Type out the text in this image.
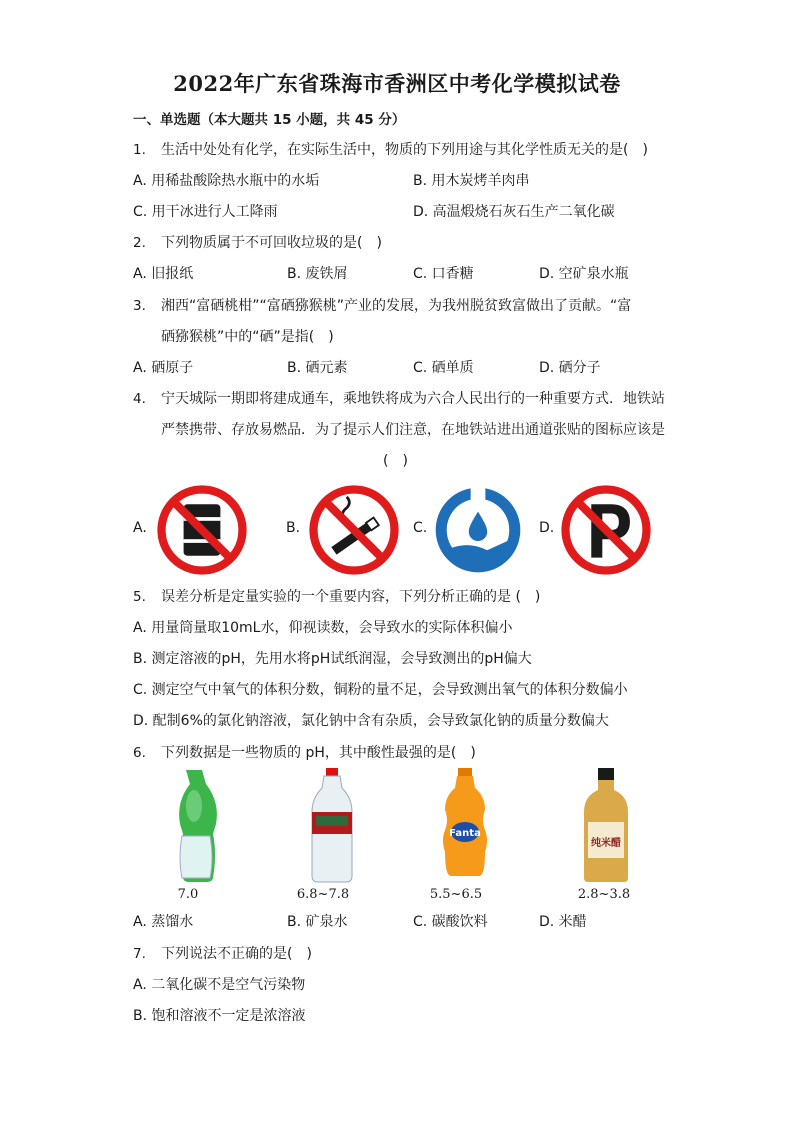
2022年广东省珠海市香洲区中考化学模拟试卷
一、单选题（本大题共 15 小题，共 45 分）
1. 生活中处处有化学，在实际生活中，物质的下列用途与其化学性质无关的是(　)
A. 用稀盐酸除热水瓶中的水垢	B. 用木炭烤羊肉串
C. 用干冰进行人工降雨	D. 高温煅烧石灰石生产二氧化碳
2. 下列物质属于不可回收垃圾的是(　)
A. 旧报纸	B. 废铁屑	C. 口香糖	D. 空矿泉水瓶
3. 湘西“富硒桃柑”“富硒猕猴桃”产业的发展，为我州脱贫致富做出了贡献。“富
硒猕猴桃”中的“硒”是指(　)
A. 硒原子	B. 硒元素	C. 硒单质	D. 硒分子
4. 宁天城际一期即将建成通车，乘地铁将成为六合人民出行的一种重要方式．地铁站
严禁携带、存放易燃品．为了提示人们注意，在地铁站进出通道张贴的图标应该是
(　)
A.	B.	C.	D.
5. 误差分析是定量实验的一个重要内容，下列分析正确的是 (　)
A. 用量筒量取10mL水，仰视读数，会导致水的实际体积偏小
B. 测定溶液的pH，先用水将pH试纸润湿，会导致测出的pH偏大
C. 测定空气中氧气的体积分数，铜粉的量不足，会导致测出氧气的体积分数偏小
D. 配制6%的氯化钠溶液，氯化钠中含有杂质，会导致氯化钠的质量分数偏大
6. 下列数据是一些物质的 pH，其中酸性最强的是(　)
Fanta
纯米醋
7.0	6.8~7.8	5.5~6.5	2.8~3.8
A. 蒸馏水	B. 矿泉水	C. 碳酸饮料	D. 米醋
7. 下列说法不正确的是(　)
A. 二氧化碳不是空气污染物
B. 饱和溶液不一定是浓溶液
